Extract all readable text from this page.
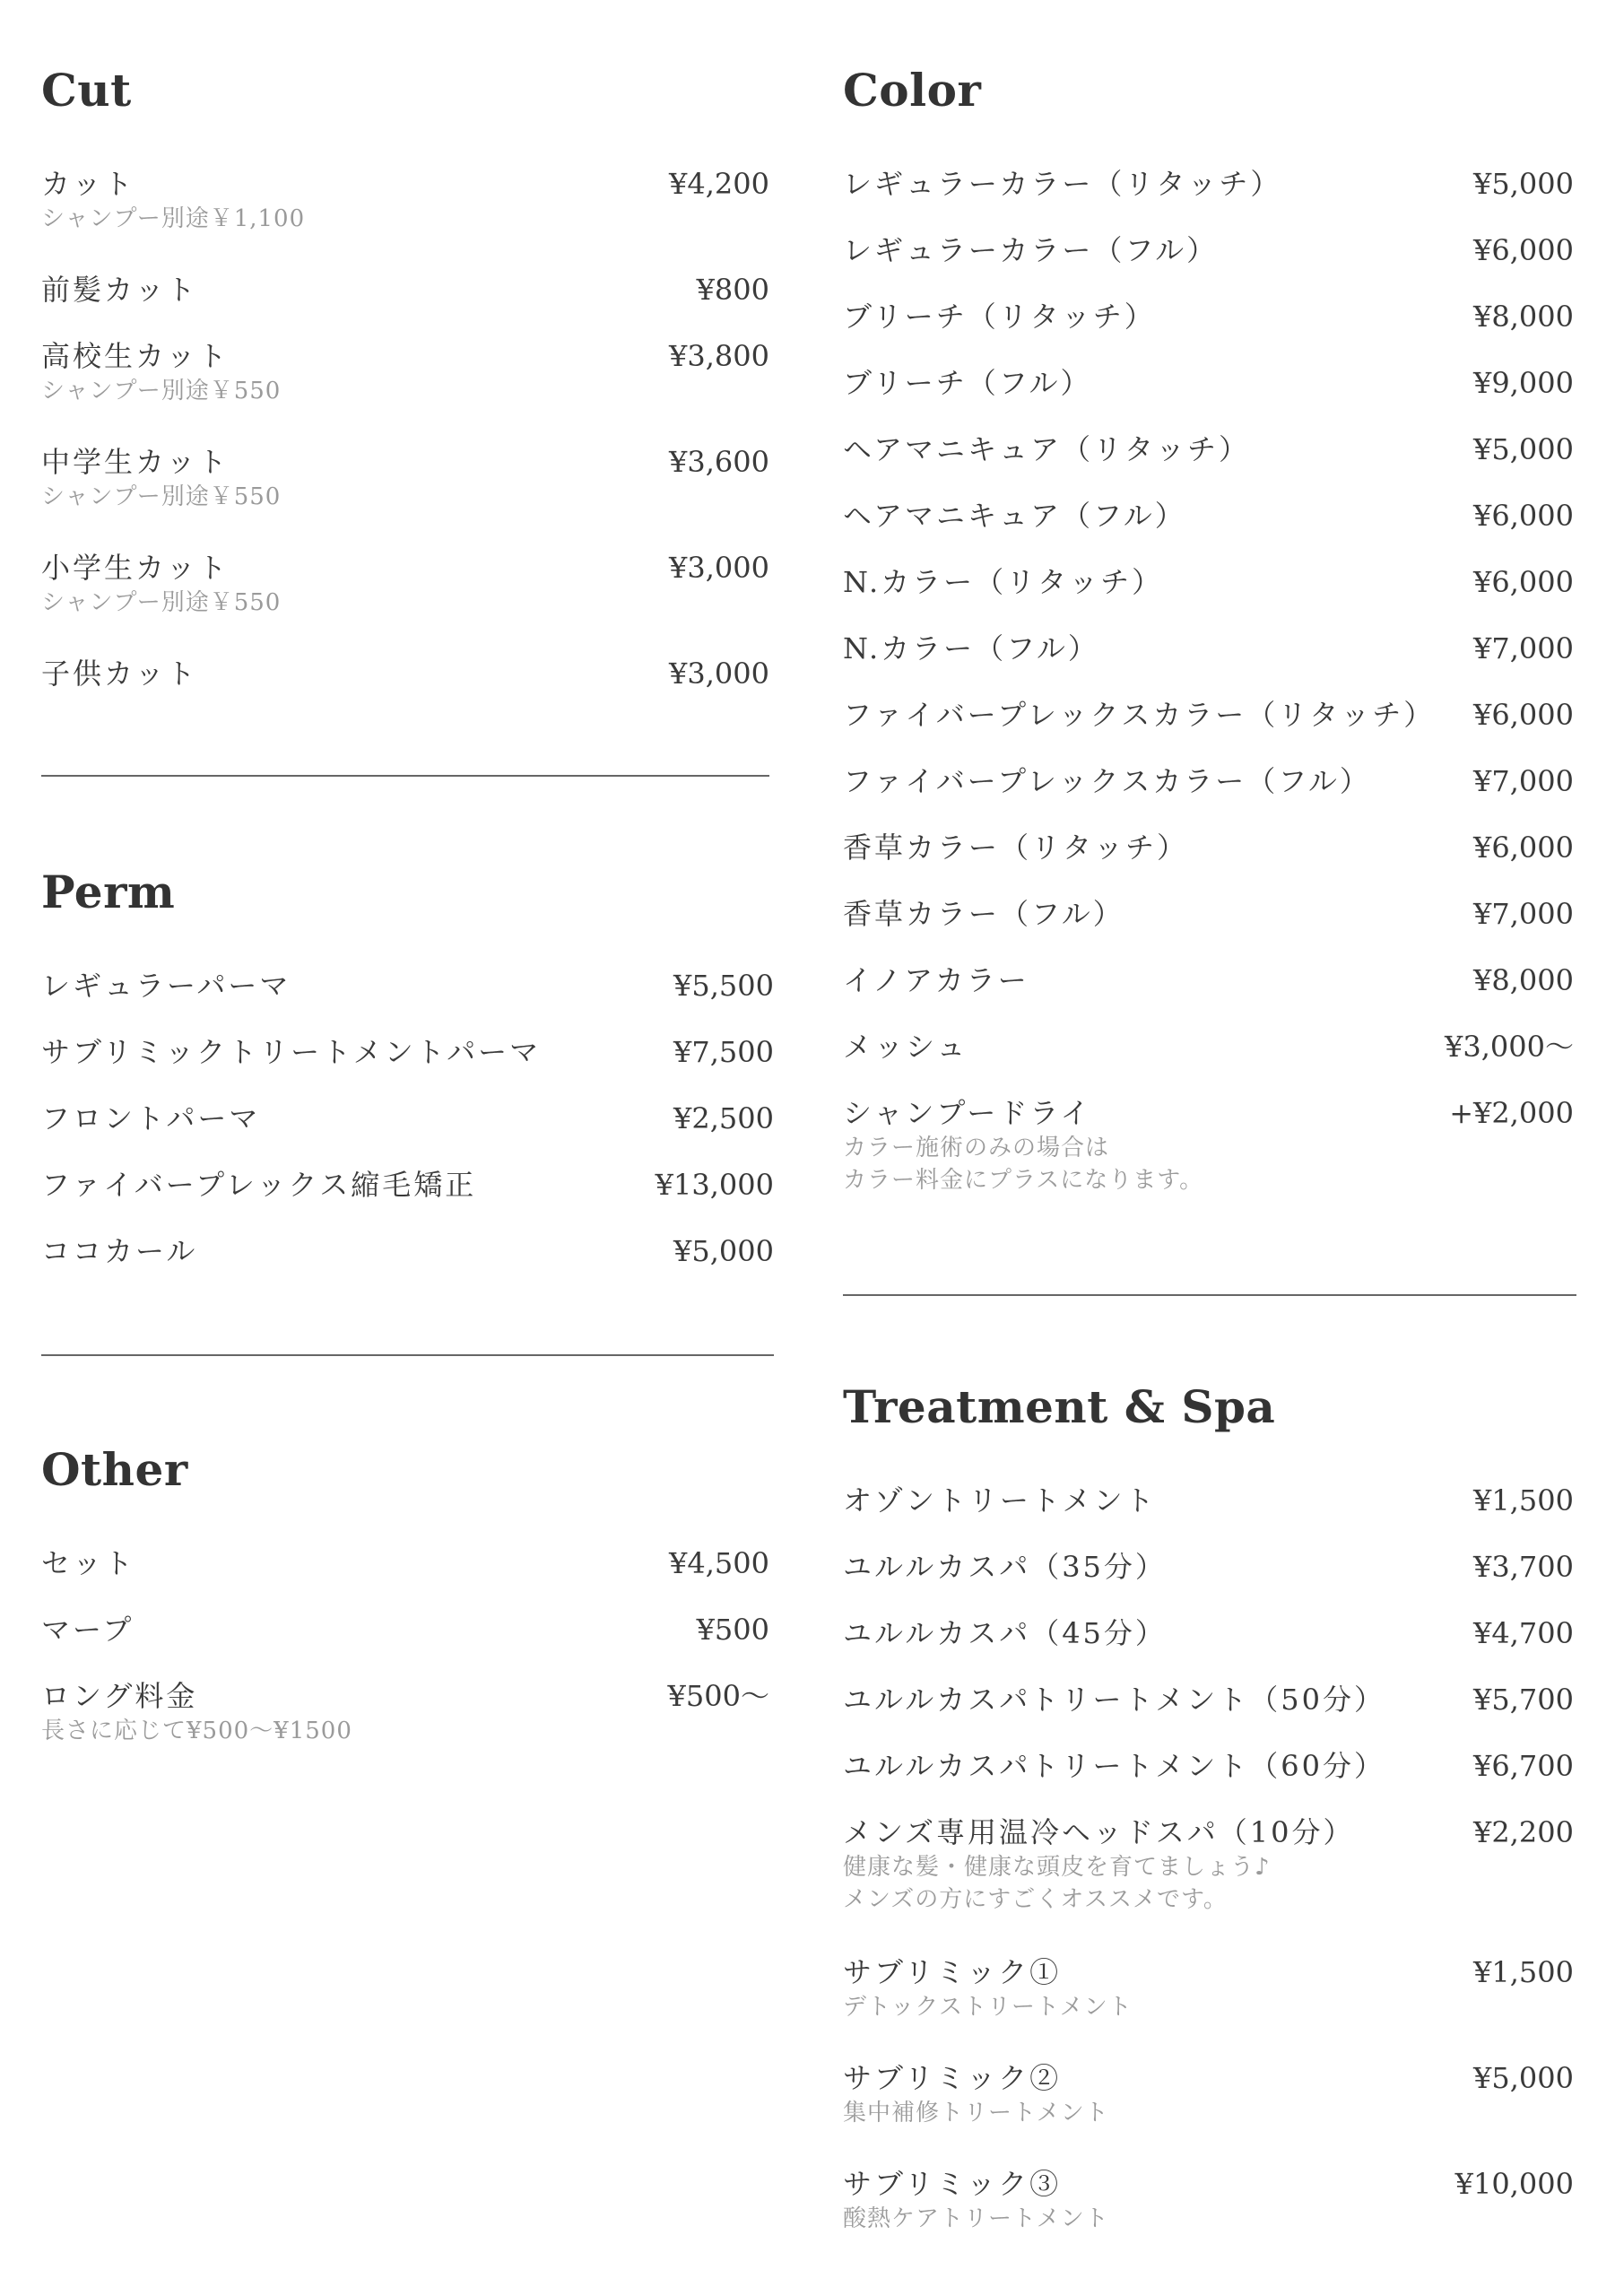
Cut
カット	¥4,200
シャンプー別途￥1,100
前髪カット	¥800
高校生カット	¥3,800
シャンプー別途￥550
中学生カット	¥3,600
シャンプー別途￥550
小学生カット	¥3,000
シャンプー別途￥550
子供カット	¥3,000
Perm
レギュラーパーマ	¥5,500
サブリミックトリートメントパーマ	¥7,500
フロントパーマ	¥2,500
ファイバープレックス縮毛矯正	¥13,000
ココカール	¥5,000
Other
セット	¥4,500
マープ	¥500
ロング料金	¥500〜
長さに応じて¥500〜¥1500
Color
レギュラーカラー（リタッチ）	¥5,000
レギュラーカラー（フル）	¥6,000
ブリーチ（リタッチ）	¥8,000
ブリーチ（フル）	¥9,000
ヘアマニキュア（リタッチ）	¥5,000
ヘアマニキュア（フル）	¥6,000
N.カラー（リタッチ）	¥6,000
N.カラー（フル）	¥7,000
ファイバープレックスカラー（リタッチ） ¥6,000
ファイバープレックスカラー（フル）	¥7,000
香草カラー（リタッチ）	¥6,000
香草カラー（フル）	¥7,000
イノアカラー	¥8,000
メッシュ	¥3,000〜
シャンプードライ	+¥2,000
カラー施術のみの場合は
カラー料金にプラスになります。
Treatment & Spa
オゾントリートメント	¥1,500
ユルルカスパ（35分）	¥3,700
ユルルカスパ（45分）	¥4,700
ユルルカスパトリートメント（50分）	¥5,700
ユルルカスパトリートメント（60分）	¥6,700
メンズ専用温冷ヘッドスパ（10分）	¥2,200
健康な髪・健康な頭皮を育てましょう♪
メンズの方にすごくオススメです。
サブリミック①	¥1,500
デトックストリートメント
サブリミック②	¥5,000
集中補修トリートメント
サブリミック③	¥10,000
酸熱ケアトリートメント
